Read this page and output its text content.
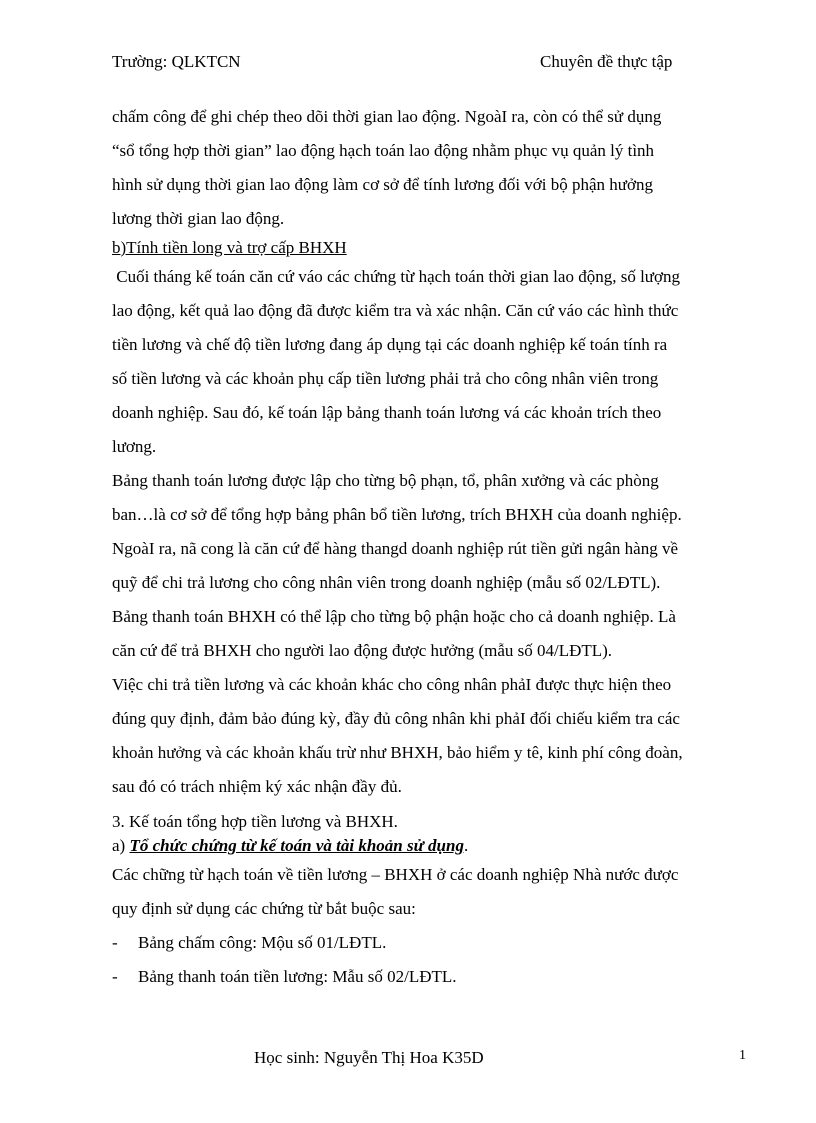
Trường: QLKTCN	Chuyên đề thực tập
chấm công để ghi chép theo dõi thời gian lao động. NgoàI ra, còn có thể sử dụng
“sổ tổng hợp thời gian” lao động hạch toán lao động nhằm phục vụ quản lý tình
hình sử dụng thời gian lao động làm cơ sở để tính lương đối với bộ phận hưởng
lương thời gian lao động.
b)Tính tiền long và trợ cấp BHXH
Cuối tháng kế toán căn cứ váo các chứng từ hạch toán thời gian lao động, số lượng
lao động, kết quả lao động đã được kiểm tra và xác nhận. Căn cứ váo các hình thức
tiền lương và chế độ tiền lương đang áp dụng tại các doanh nghiệp kế toán tính ra
số tiền lương và các khoản phụ cấp tiền lương phải trả cho công nhân viên trong
doanh nghiệp. Sau đó, kế toán lập bảng thanh toán lương vá các khoản trích theo
lương.
Bảng thanh toán lương được lập cho từng bộ phạn, tổ, phân xưởng và các phòng
ban…là cơ sở để tổng hợp bảng phân bổ tiền lương, trích BHXH của doanh nghiệp.
NgoàI ra, nã cong là căn cứ để hàng thangd doanh nghiệp rút tiền gửi ngân hàng về
quỹ để chi trả lương cho công nhân viên trong doanh nghiệp (mẫu số 02/LĐTL).
Bảng thanh toán BHXH có thể lập cho từng bộ phận hoặc cho cả doanh nghiệp. Là
căn cứ để trả BHXH cho người lao động được hưởng (mẫu số 04/LĐTL).
Việc chi trả tiền lương và các khoản khác cho công nhân phảI được thực hiện theo
đúng quy định, đảm bảo đúng kỳ, đầy đủ công nhân khi phảI đối chiếu kiểm tra các
khoản hưởng và các khoản khấu trừ như BHXH, bảo hiểm y tê, kinh phí công đoàn,
sau đó có trách nhiệm ký xác nhận đầy đủ.
3. Kế toán tổng hợp tiền lương và BHXH.
a) Tổ chức chứng từ kế toán và tài khoản sử dụng.
Các chững từ hạch toán về tiền lương – BHXH ở các doanh nghiệp Nhà nước được
quy định sử dụng các chứng từ bắt buộc sau:
-	Bảng chấm công: Mộu số 01/LĐTL.
-	Bảng thanh toán tiền lương: Mẫu số 02/LĐTL.
Học sinh: Nguyễn Thị Hoa K35D	1
